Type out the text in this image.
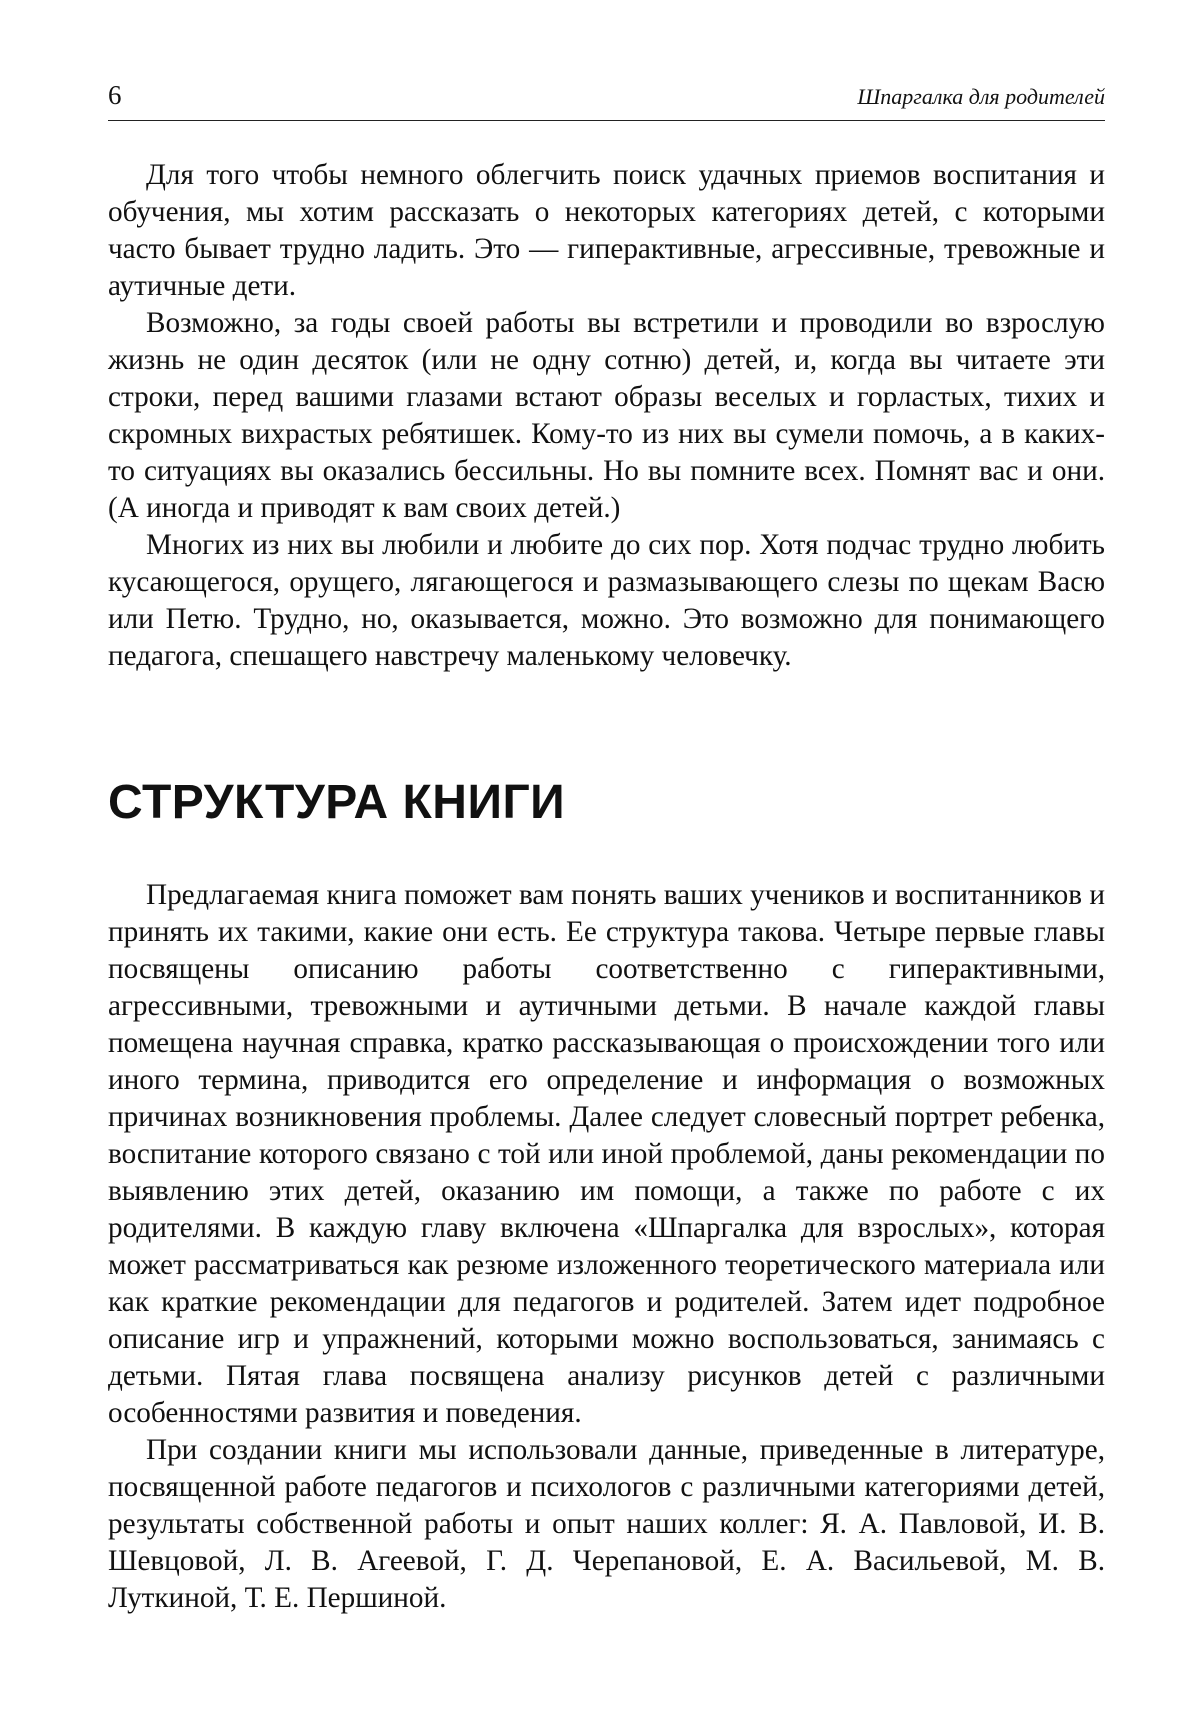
6	Шпаргалка для родителей

Для того чтобы немного облегчить поиск удачных приемов воспитания и обучения, мы хотим рассказать о некоторых категориях детей, с которыми часто бывает трудно ладить. Это — гиперактивные, агрессивные, тревожные и аутичные дети.

Возможно, за годы своей работы вы встретили и проводили во взрослую жизнь не один десяток (или не одну сотню) детей, и, когда вы читаете эти строки, перед вашими глазами встают образы веселых и горластых, тихих и скромных вихрастых ребятишек. Кому-то из них вы сумели помочь, а в каких-то ситуациях вы оказались бессильны. Но вы помните всех. Помнят вас и они. (А иногда и приводят к вам своих детей.)

Многих из них вы любили и любите до сих пор. Хотя подчас трудно любить кусающегося, орущего, лягающегося и размазывающего слезы по щекам Васю или Петю. Трудно, но, оказывается, можно. Это возможно для понимающего педагога, спешащего навстречу маленькому человечку.

СТРУКТУРА КНИГИ

Предлагаемая книга поможет вам понять ваших учеников и воспитанников и принять их такими, какие они есть. Ее структура такова. Четыре первые главы посвящены описанию работы соответственно с гиперактивными, агрессивными, тревожными и аутичными детьми. В начале каждой главы помещена научная справка, кратко рассказывающая о происхождении того или иного термина, приводится его определение и информация о возможных причинах возникновения проблемы. Далее следует словесный портрет ребенка, воспитание которого связано с той или иной проблемой, даны рекомендации по выявлению этих детей, оказанию им помощи, а также по работе с их родителями. В каждую главу включена «Шпаргалка для взрослых», которая может рассматриваться как резюме изложенного теоретического материала или как краткие рекомендации для педагогов и родителей. Затем идет подробное описание игр и упражнений, которыми можно воспользоваться, занимаясь с детьми. Пятая глава посвящена анализу рисунков детей с различными особенностями развития и поведения.

При создании книги мы использовали данные, приведенные в литературе, посвященной работе педагогов и психологов с различными категориями детей, результаты собственной работы и опыт наших коллег: Я. А. Павловой, И. В. Шевцовой, Л. В. Агеевой, Г. Д. Черепановой, Е. А. Васильевой, М. В. Луткиной, Т. Е. Першиной.
